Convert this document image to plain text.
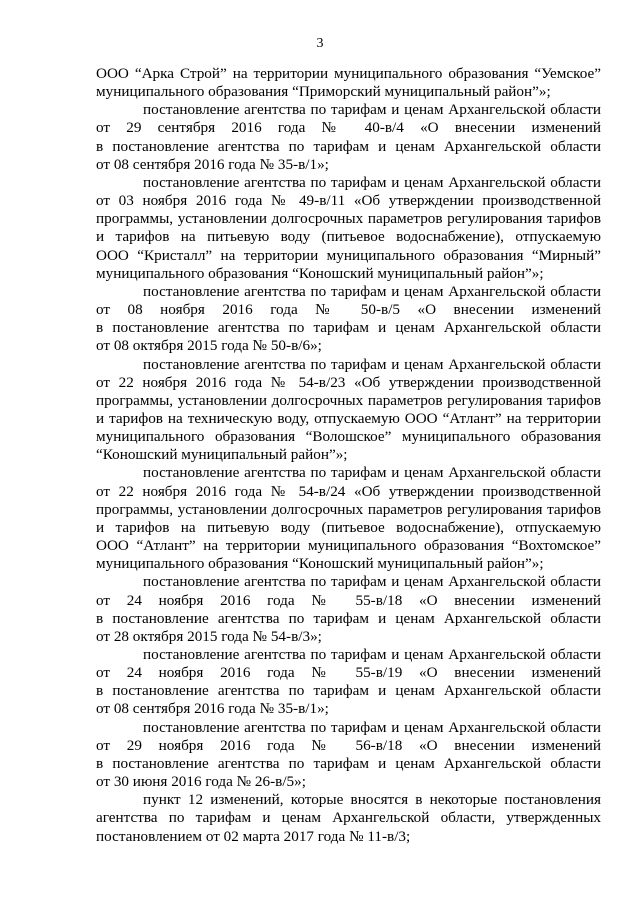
3

ООО “Арка Строй” на территории муниципального образования “Уемское”
муниципального образования “Приморский муниципальный район”»;

постановление агентства по тарифам и ценам Архангельской области
от 29 сентября 2016 года № 40-в/4 «О внесении изменений
в постановление агентства по тарифам и ценам Архангельской области
от 08 сентября 2016 года № 35-в/1»;

постановление агентства по тарифам и ценам Архангельской области
от 03 ноября 2016 года № 49-в/11 «Об утверждении производственной
программы, установлении долгосрочных параметров регулирования тарифов
и тарифов на питьевую воду (питьевое водоснабжение), отпускаемую
ООО “Кристалл” на территории муниципального образования “Мирный”
муниципального образования “Коношский муниципальный район”»;

постановление агентства по тарифам и ценам Архангельской области
от 08 ноября 2016 года № 50-в/5 «О внесении изменений
в постановление агентства по тарифам и ценам Архангельской области
от 08 октября 2015 года № 50-в/6»;

постановление агентства по тарифам и ценам Архангельской области
от 22 ноября 2016 года № 54-в/23 «Об утверждении производственной
программы, установлении долгосрочных параметров регулирования тарифов
и тарифов на техническую воду, отпускаемую ООО “Атлант” на территории
муниципального образования “Волошское” муниципального образования
“Коношский муниципальный район”»;

постановление агентства по тарифам и ценам Архангельской области
от 22 ноября 2016 года № 54-в/24 «Об утверждении производственной
программы, установлении долгосрочных параметров регулирования тарифов
и тарифов на питьевую воду (питьевое водоснабжение), отпускаемую
ООО “Атлант” на территории муниципального образования “Вохтомское”
муниципального образования “Коношский муниципальный район”»;

постановление агентства по тарифам и ценам Архангельской области
от 24 ноября 2016 года № 55-в/18 «О внесении изменений
в постановление агентства по тарифам и ценам Архангельской области
от 28 октября 2015 года № 54-в/3»;

постановление агентства по тарифам и ценам Архангельской области
от 24 ноября 2016 года № 55-в/19 «О внесении изменений
в постановление агентства по тарифам и ценам Архангельской области
от 08 сентября 2016 года № 35-в/1»;

постановление агентства по тарифам и ценам Архангельской области
от 29 ноября 2016 года № 56-в/18 «О внесении изменений
в постановление агентства по тарифам и ценам Архангельской области
от 30 июня 2016 года № 26-в/5»;

пункт 12 изменений, которые вносятся в некоторые постановления
агентства по тарифам и ценам Архангельской области, утвержденных
постановлением от 02 марта 2017 года № 11-в/3;
